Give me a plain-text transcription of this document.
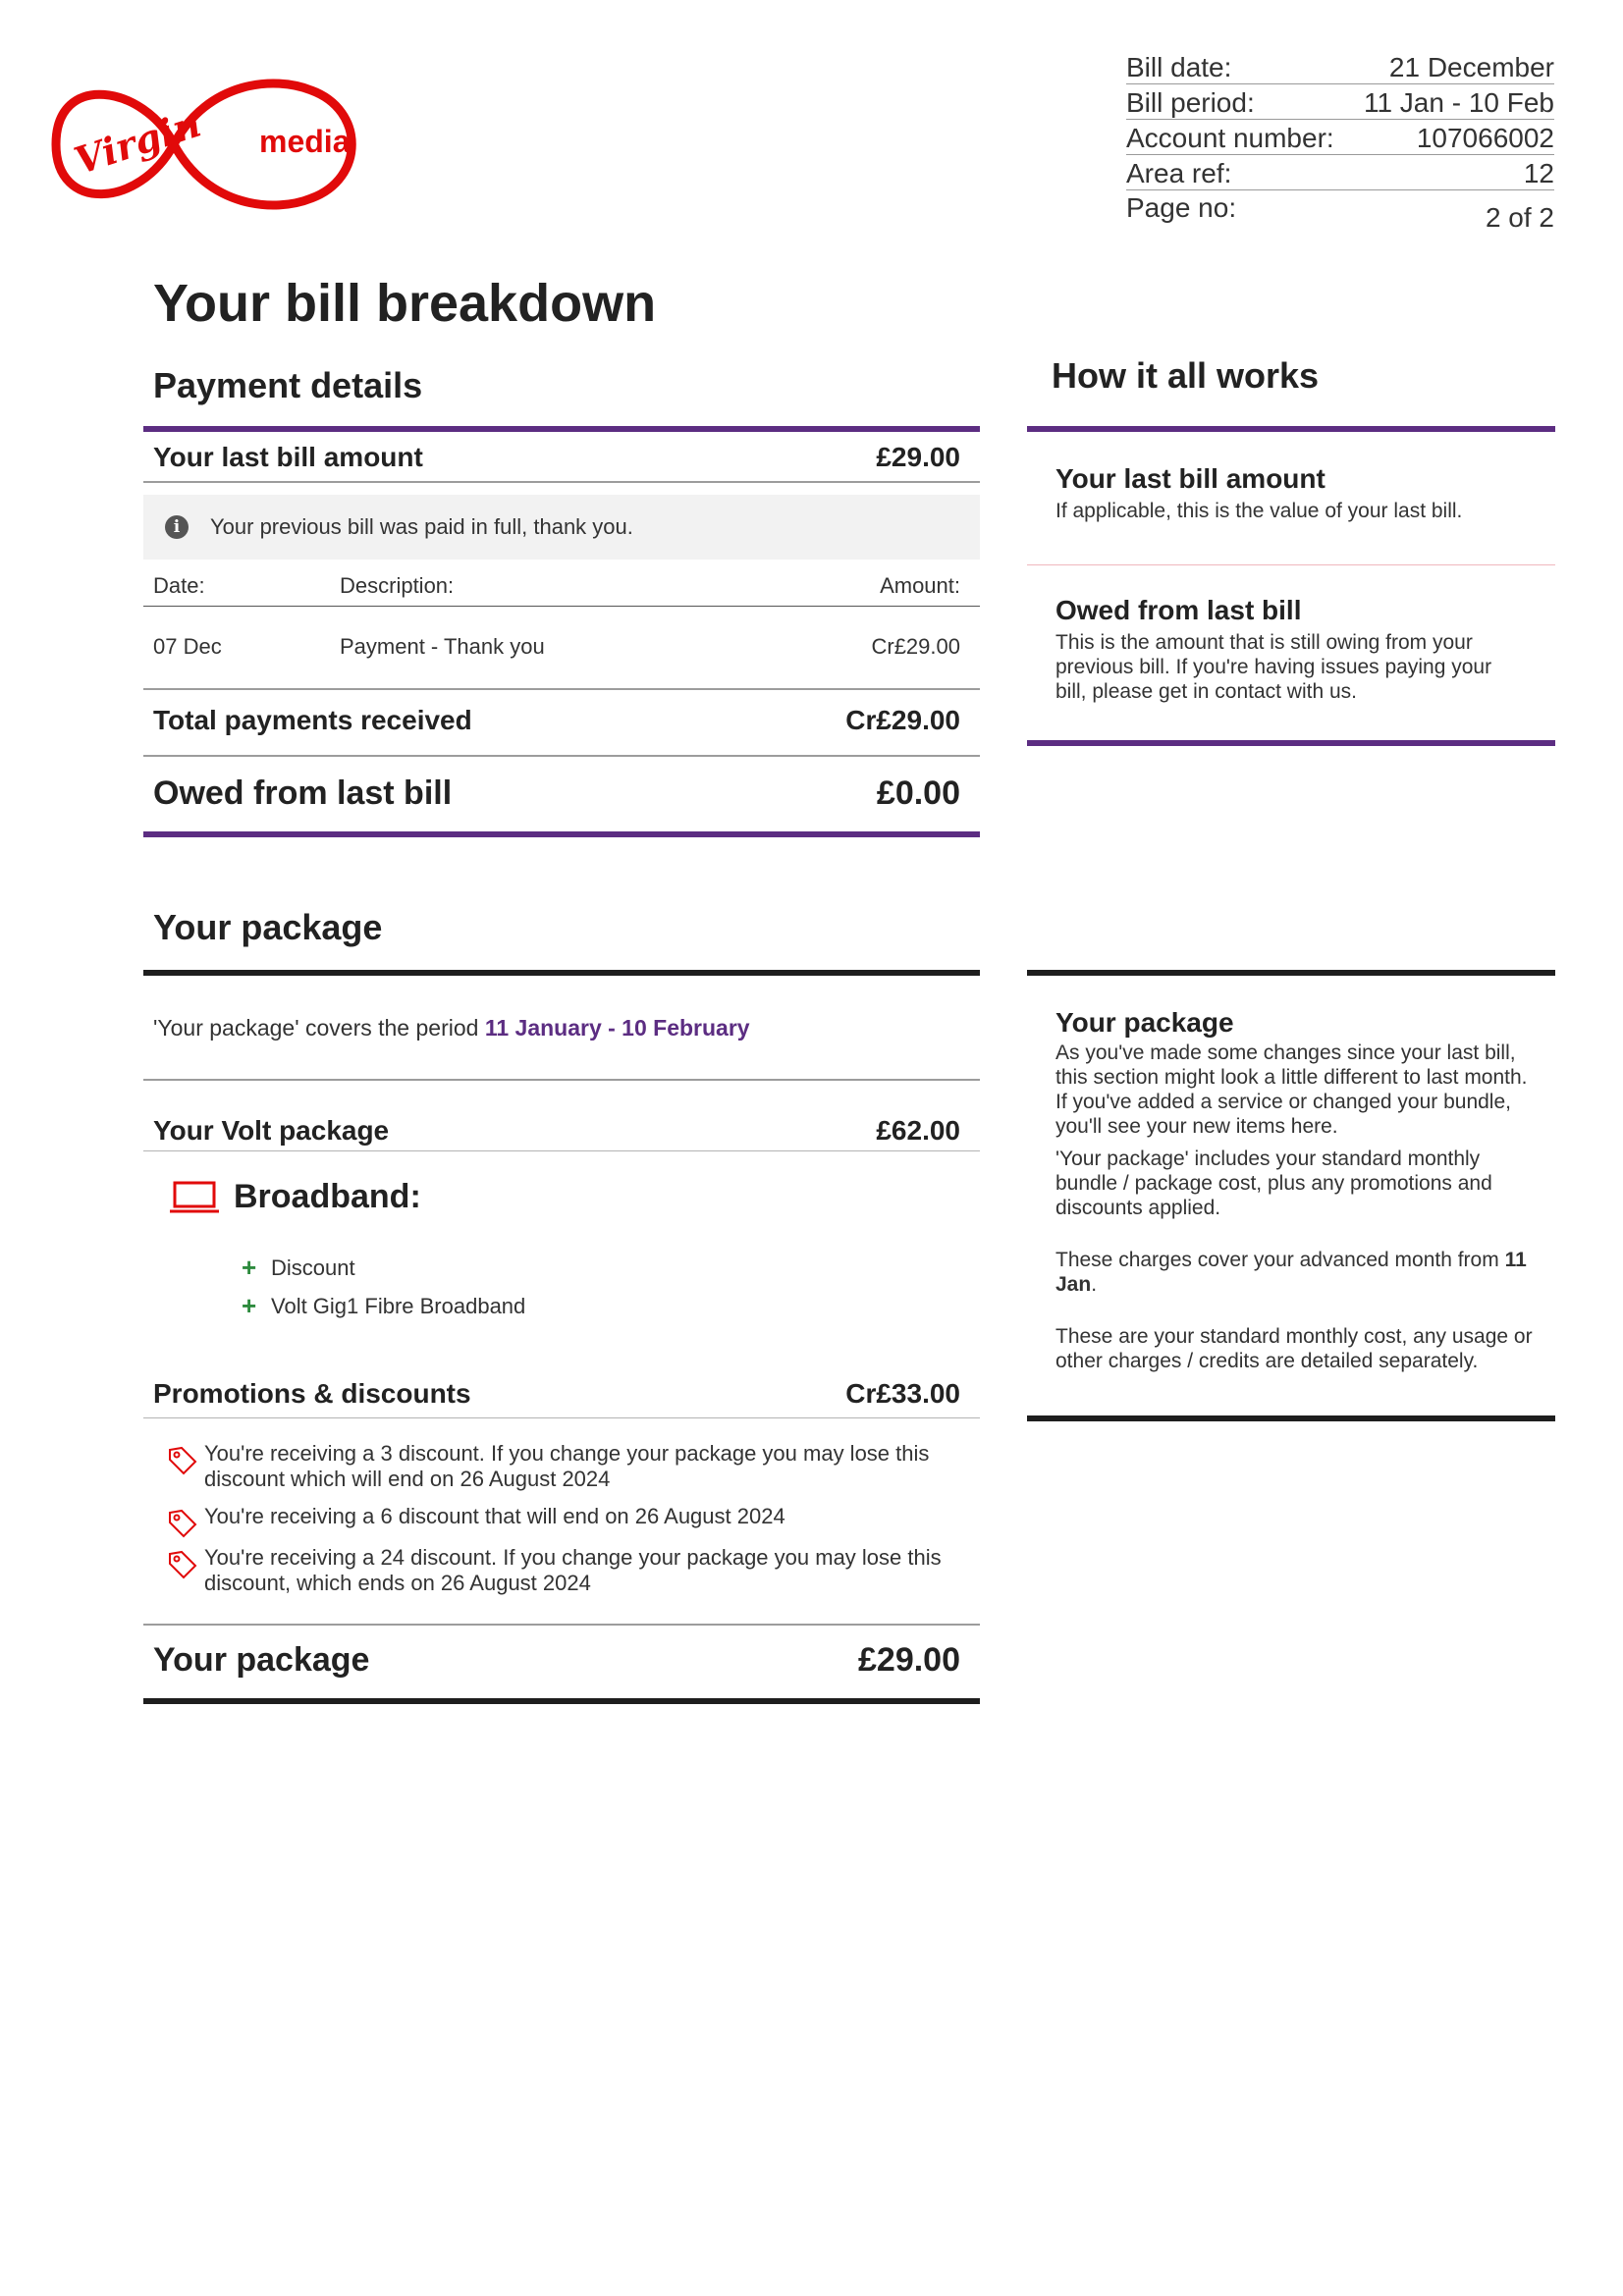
Virgin media
Bill date:	21 December
Bill period:	11 Jan - 10 Feb
Account number:	107066002
Area ref:	12
Page no:	2 of 2
Your bill breakdown
Payment details
Your last bill amount	£29.00
i	Your previous bill was paid in full, thank you.
Date:	Description:	Amount:
07 Dec	Payment - Thank you	Cr£29.00
Total payments received	Cr£29.00
Owed from last bill	£0.00
How it all works
Your last bill amount
If applicable, this is the value of your last bill.
Owed from last bill
This is the amount that is still owing from your previous bill. If you're having issues paying your bill, please get in contact with us.
Your package
'Your package' covers the period 11 January - 10 February
Your Volt package	£62.00
Broadband:
+ Discount
+ Volt Gig1 Fibre Broadband
Promotions & discounts	Cr£33.00
You're receiving a 3 discount. If you change your package you may lose this discount which will end on 26 August 2024
You're receiving a 6 discount that will end on 26 August 2024
You're receiving a 24 discount. If you change your package you may lose this discount, which ends on 26 August 2024
Your package	£29.00
Your package
As you've made some changes since your last bill, this section might look a little different to last month. If you've added a service or changed your bundle, you'll see your new items here.
'Your package' includes your standard monthly bundle / package cost, plus any promotions and discounts applied.
These charges cover your advanced month from 11 Jan.
These are your standard monthly cost, any usage or other charges / credits are detailed separately.
